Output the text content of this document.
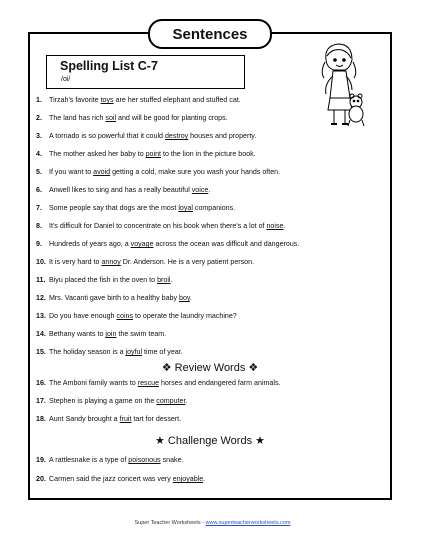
Sentences
Spelling List C-7
/oi/
1. Tirzah's favorite toys are her stuffed elephant and stuffed cat.
2. The land has rich soil and will be good for planting crops.
3. A tornado is so powerful that it could destroy houses and property.
4. The mother asked her baby to point to the lion in the picture book.
5. If you want to avoid getting a cold, make sure you wash your hands often.
6. Anwell likes to sing and has a really beautiful voice.
7. Some people say that dogs are the most loyal companions.
8. It's difficult for Daniel to concentrate on his book when there's a lot of noise.
9. Hundreds of years ago, a voyage across the ocean was difficult and dangerous.
10. It is very hard to annoy Dr. Anderson. He is a very patient person.
11. Biyu placed the fish in the oven to broil.
12. Mrs. Vacanti gave birth to a healthy baby boy.
13. Do you have enough coins to operate the laundry machine?
14. Bethany wants to join the swim team.
15. The holiday season is a joyful time of year.
❖ Review Words ❖
16. The Amboni family wants to rescue horses and endangered farm animals.
17. Stephen is playing a game on the computer.
18. Aunt Sandy brought a fruit tart for dessert.
★ Challenge Words ★
19. A rattlesnake is a type of poisonous snake.
20. Carmen said the jazz concert was very enjoyable.
Super Teacher Worksheets - www.superteacherworksheets.com
